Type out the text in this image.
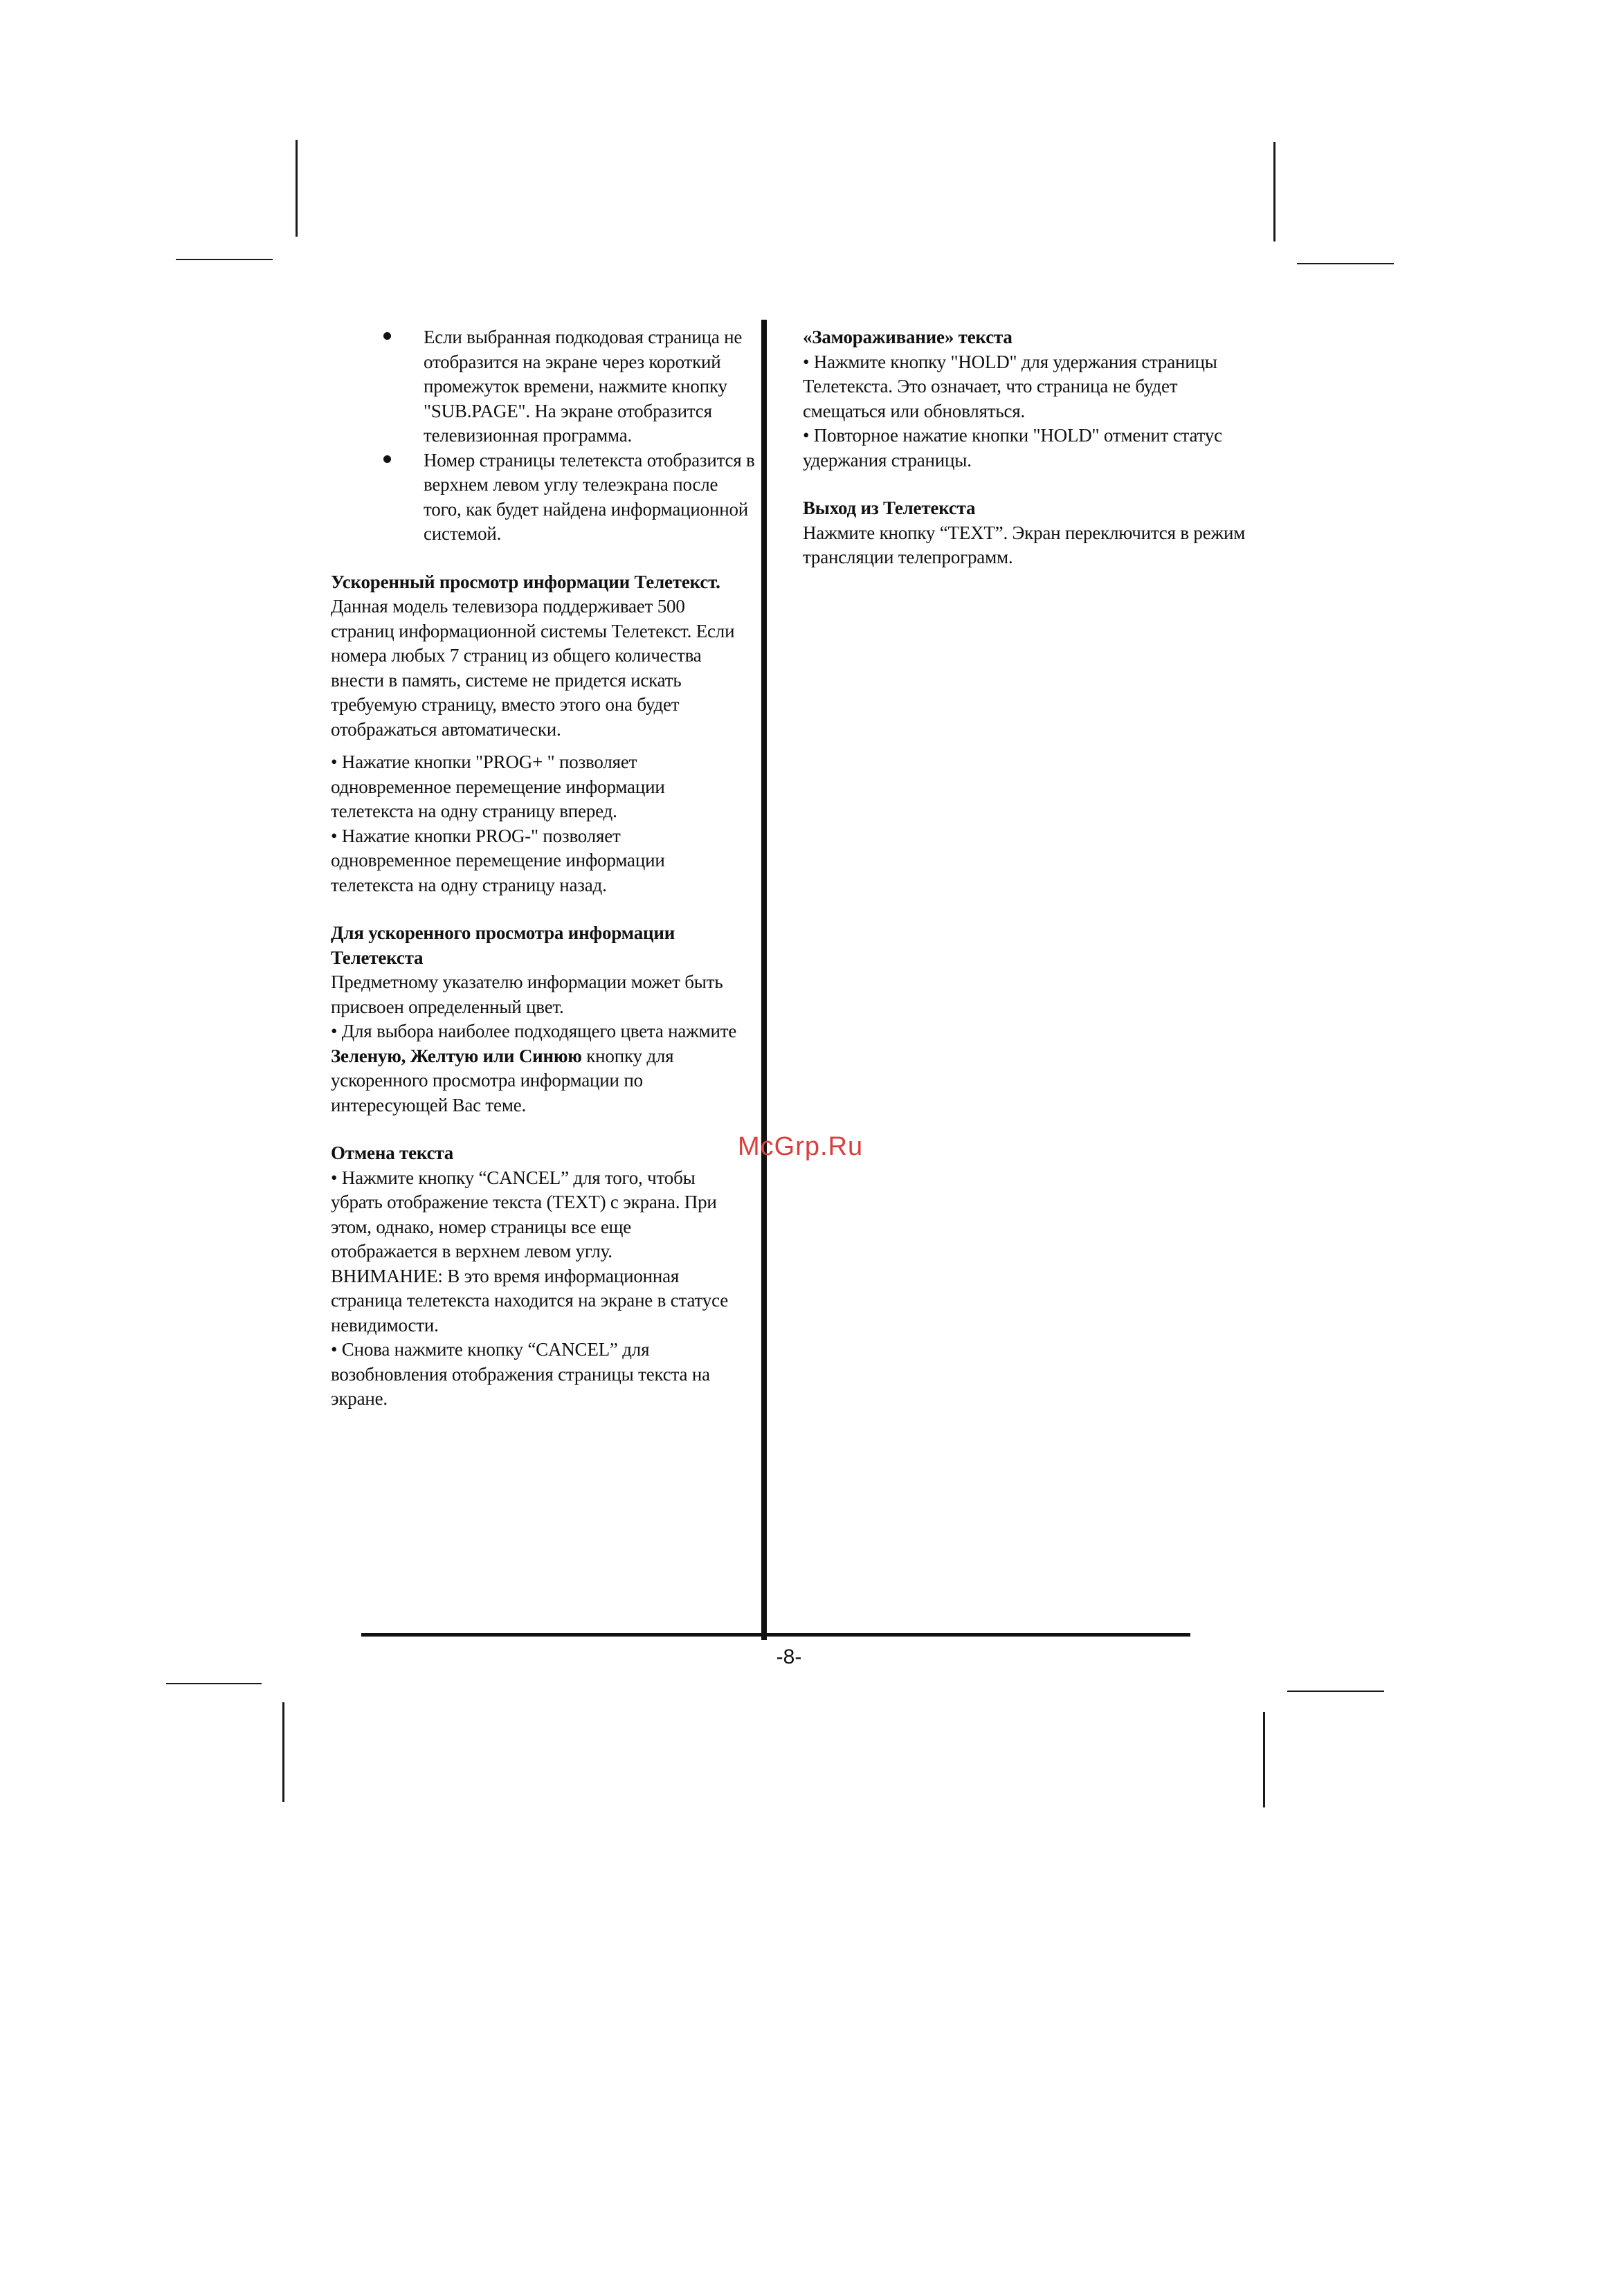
Если выбранная подкодовая страница не отобразится на экране через короткий промежуток времени, нажмите кнопку "SUB.PAGE". На экране отобразится телевизионная программа.
Номер страницы телетекста отобразится в верхнем левом углу телеэкрана после того, как будет найдена информационной системой.

Ускоренный просмотр информации Телетекст.

Данная модель телевизора поддерживает 500 страниц информационной системы Телетекст. Если номера любых 7 страниц из общего количества внести в память, системе не придется искать требуемую страницу, вместо этого она будет отображаться автоматически.

• Нажатие кнопки "PROG+ " позволяет одновременное перемещение информации телетекста на одну страницу вперед.

• Нажатие кнопки PROG-" позволяет одновременное перемещение информации телетекста на одну страницу назад.

Для ускоренного просмотра информации Телетекста

Предметному указателю информации может быть присвоен определенный цвет.

• Для выбора наиболее подходящего цвета нажмите Зеленую, Желтую или Синюю кнопку для ускоренного просмотра информации по интересующей Вас теме.

Отмена текста

• Нажмите кнопку “CANCEL” для того, чтобы убрать отображение текста (TEXT) с экрана. При этом, однако, номер страницы все еще отображается в верхнем левом углу.

ВНИМАНИЕ: В это время информационная страница телетекста находится на экране в статусе невидимости.

• Снова нажмите кнопку “CANCEL” для возобновления отображения страницы текста на экране.

«Замораживание» текста

• Нажмите кнопку "HOLD" для удержания страницы Телетекста. Это означает, что страница не будет смещаться или обновляться.

• Повторное нажатие кнопки "HOLD" отменит статус удержания страницы.

Выход из Телетекста

Нажмите кнопку “TEXT”. Экран переключится в режим трансляции телепрограмм.

McGrp.Ru
-8-
